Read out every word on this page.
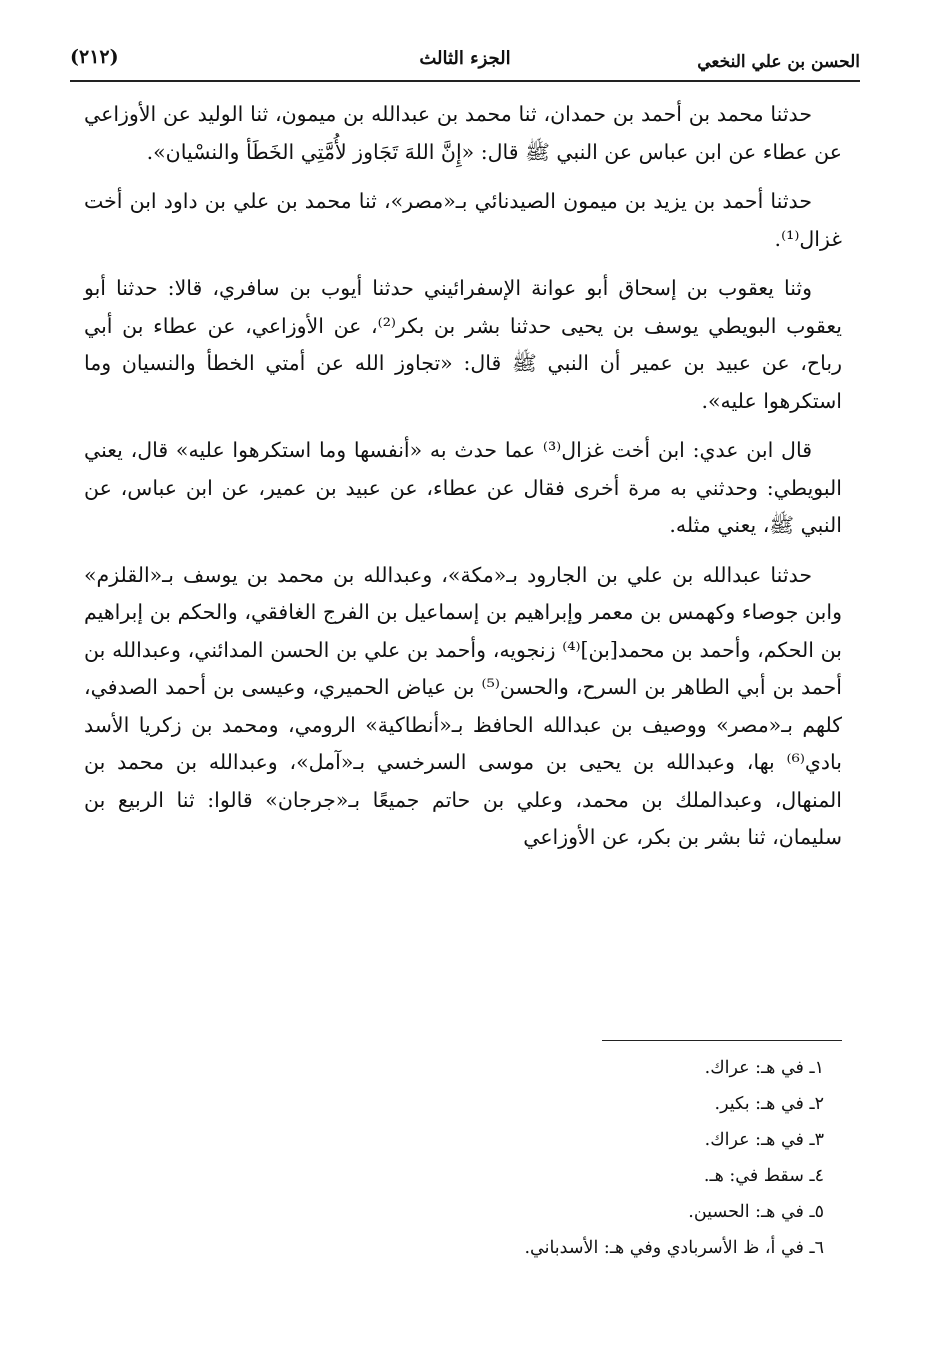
الحسن بن علي النخعي
الجزء الثالث
(٢١٢)

حدثنا محمد بن أحمد بن حمدان، ثنا محمد بن عبدالله بن ميمون، ثنا الوليد عن الأوزاعي عن عطاء عن ابن عباس عن النبي ﷺ قال: «إِنَّ اللهَ تَجَاوز لأُمَّتِي الخَطَأ والنسْيان».

حدثنا أحمد بن يزيد بن ميمون الصيدنائي بـ«مصر»، ثنا محمد بن علي بن داود ابن أخت غزال⁽¹⁾.

وثنا يعقوب بن إسحاق أبو عوانة الإسفرائيني حدثنا أيوب بن سافري، قالا: حدثنا أبو يعقوب البويطي يوسف بن يحيى حدثنا بشر بن بكر⁽²⁾، عن الأوزاعي، عن عطاء بن أبي رباح، عن عبيد بن عمير أن النبي ﷺ قال: «تجاوز الله عن أمتي الخطأ والنسيان وما استكرهوا عليه».

قال ابن عدي: ابن أخت غزال⁽³⁾ عما حدث به «أنفسها وما استكرهوا عليه» قال، يعني البويطي: وحدثني به مرة أخرى فقال عن عطاء، عن عبيد بن عمير، عن ابن عباس، عن النبي ﷺ، يعني مثله.

حدثنا عبدالله بن علي بن الجارود بـ«مكة»، وعبدالله بن محمد بن يوسف بـ«القلزم» وابن جوصاء وكهمس بن معمر وإبراهيم بن إسماعيل بن الفرج الغافقي، والحكم بن إبراهيم بن الحكم، وأحمد بن محمد[بن]⁽⁴⁾ زنجويه، وأحمد بن علي بن الحسن المدائني، وعبدالله بن أحمد بن أبي الطاهر بن السرح، والحسن⁽⁵⁾ بن عياض الحميري، وعيسى بن أحمد الصدفي، كلهم بـ«مصر» ووصيف بن عبدالله الحافظ بـ«أنطاكية» الرومي، ومحمد بن زكريا الأسد بادي⁽⁶⁾ بها، وعبدالله بن يحيى بن موسى السرخسي بـ«آمل»، وعبدالله بن محمد بن المنهال، وعبدالملك بن محمد، وعلي بن حاتم جميعًا بـ«جرجان» قالوا: ثنا الربيع بن سليمان، ثنا بشر بن بكر، عن الأوزاعي

١ـ في هـ: عراك.
٢ـ في هـ: بكير.
٣ـ في هـ: عراك.
٤ـ سقط في: هـ.
٥ـ في هـ: الحسين.
٦ـ في أ، ظ الأسربادي وفي هـ: الأسدباني.
